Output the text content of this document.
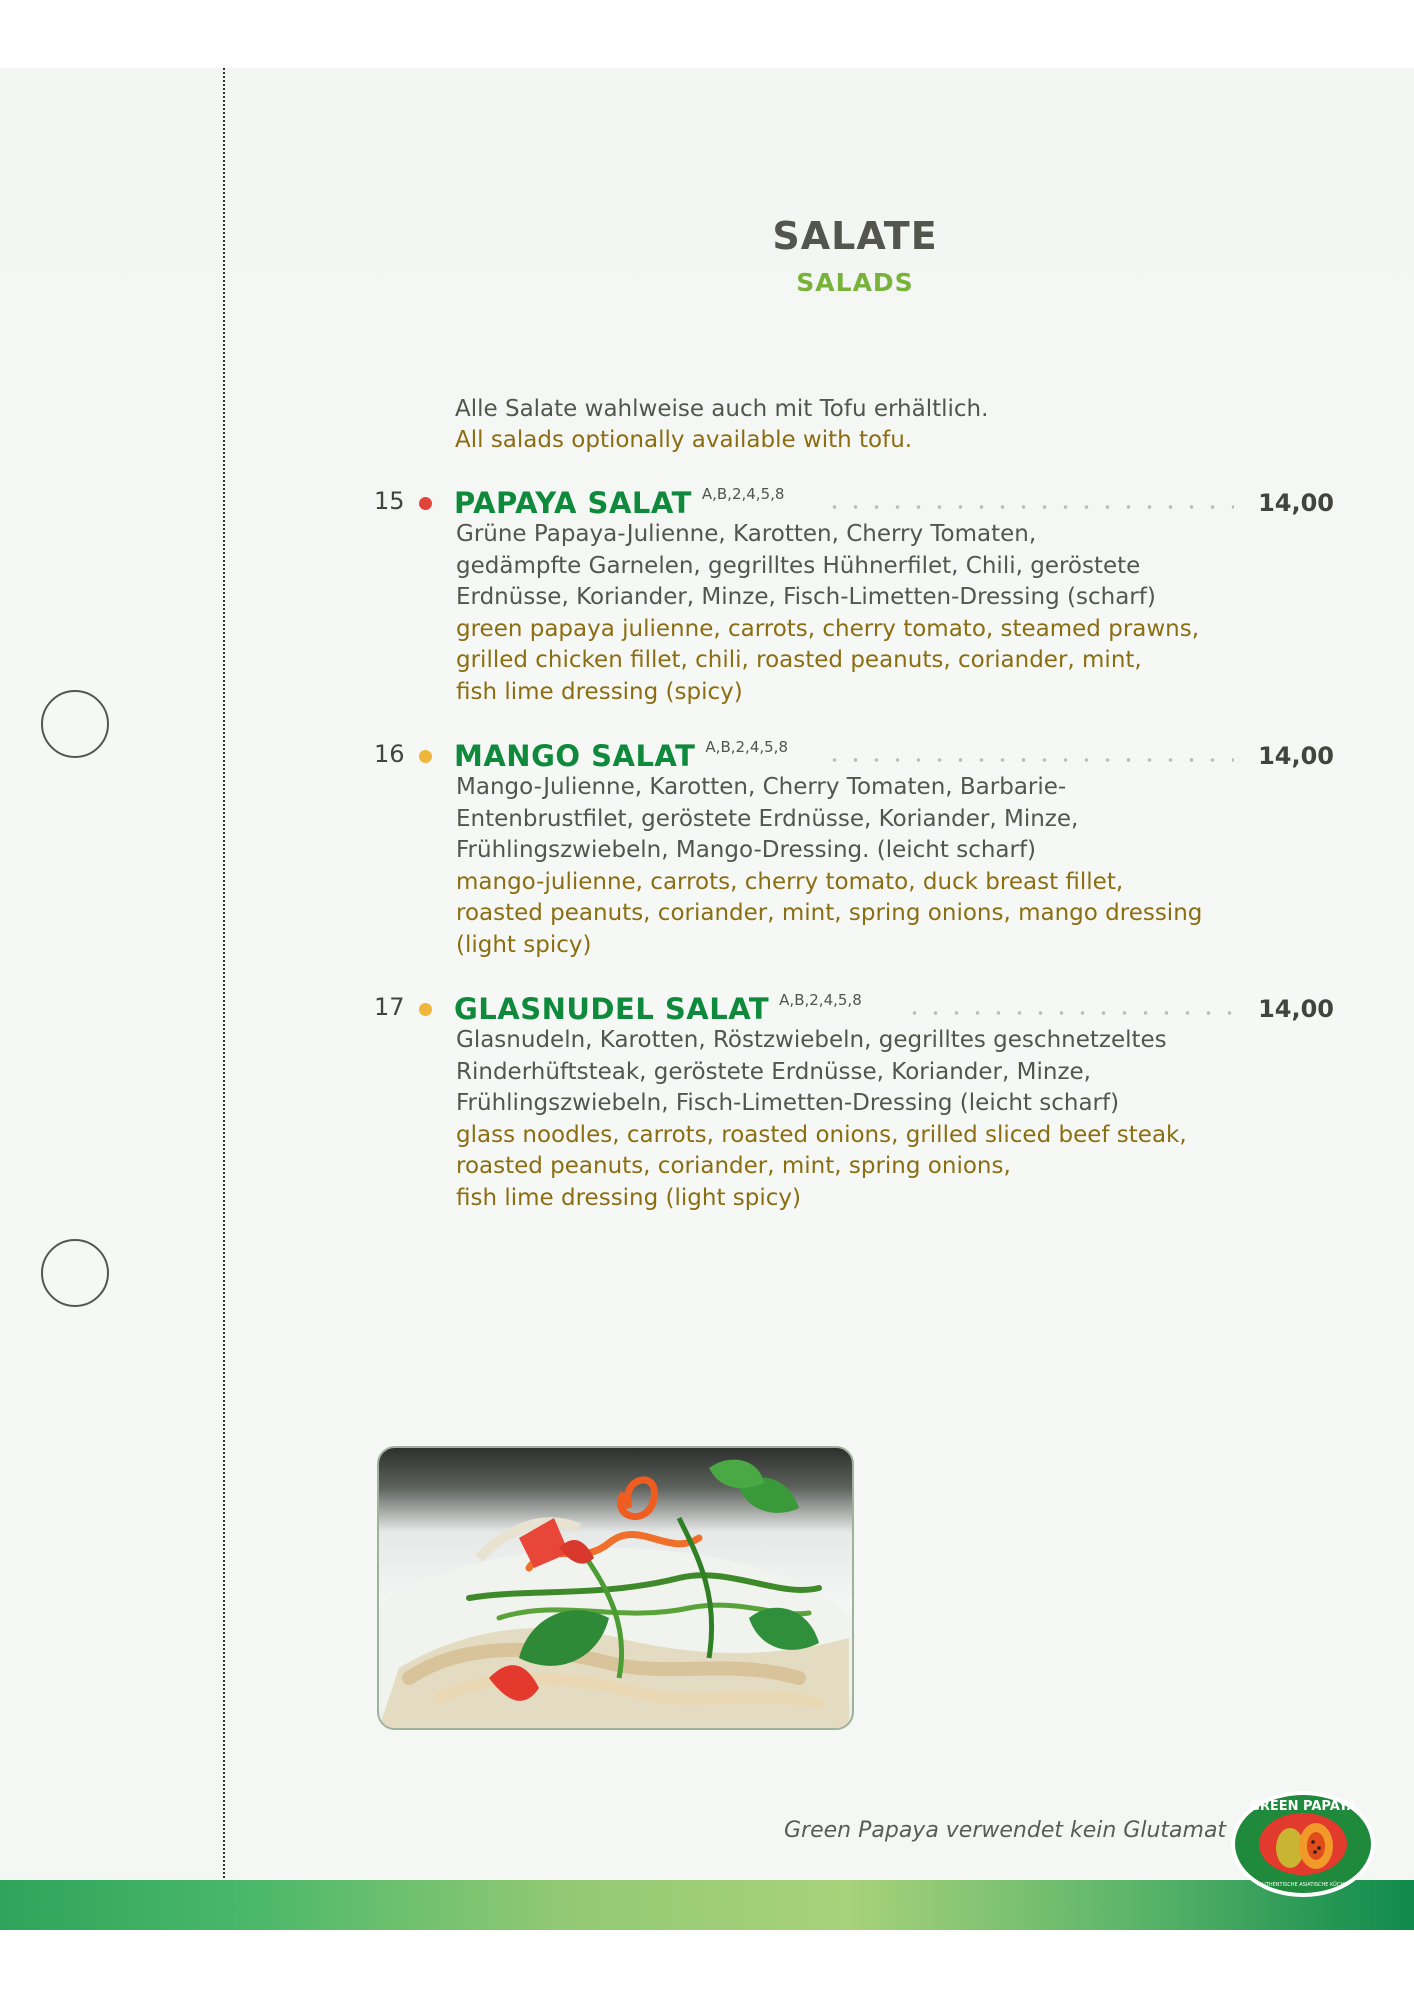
SALATE
SALADS
Alle Salate wahlweise auch mit Tofu erhältlich.
All salads optionally available with tofu.
15 PAPAYA SALAT $^{A,B,2,4,5,8}$	14,00
Grüne Papaya-Julienne, Karotten, Cherry Tomaten,
gedämpfte Garnelen, gegrilltes Hühnerfilet, Chili, geröstete
Erdnüsse, Koriander, Minze, Fisch-Limetten-Dressing (scharf)
green papaya julienne, carrots, cherry tomato, steamed prawns,
grilled chicken fillet, chili, roasted peanuts, coriander, mint,
fish lime dressing (spicy)
16 MANGO SALAT $^{A,B,2,4,5,8}$	14,00
Mango-Julienne, Karotten, Cherry Tomaten, Barbarie-
Entenbrustfilet, geröstete Erdnüsse, Koriander, Minze,
Frühlingszwiebeln, Mango-Dressing. (leicht scharf)
mango-julienne, carrots, cherry tomato, duck breast fillet,
roasted peanuts, coriander, mint, spring onions, mango dressing
(light spicy)
17 GLASNUDEL SALAT $^{A,B,2,4,5,8}$	14,00
Glasnudeln, Karotten, Röstzwiebeln, gegrilltes geschnetzeltes
Rinderhüftsteak, geröstete Erdnüsse, Koriander, Minze,
Frühlingszwiebeln, Fisch-Limetten-Dressing (leicht scharf)
glass noodles, carrots, roasted onions, grilled sliced beef steak,
roasted peanuts, coriander, mint, spring onions,
fish lime dressing (light spicy)
Green Papaya verwendet kein Glutamat
GREEN PAPAYA
AUTHENTISCHE ASIATISCHE KÜCHE
